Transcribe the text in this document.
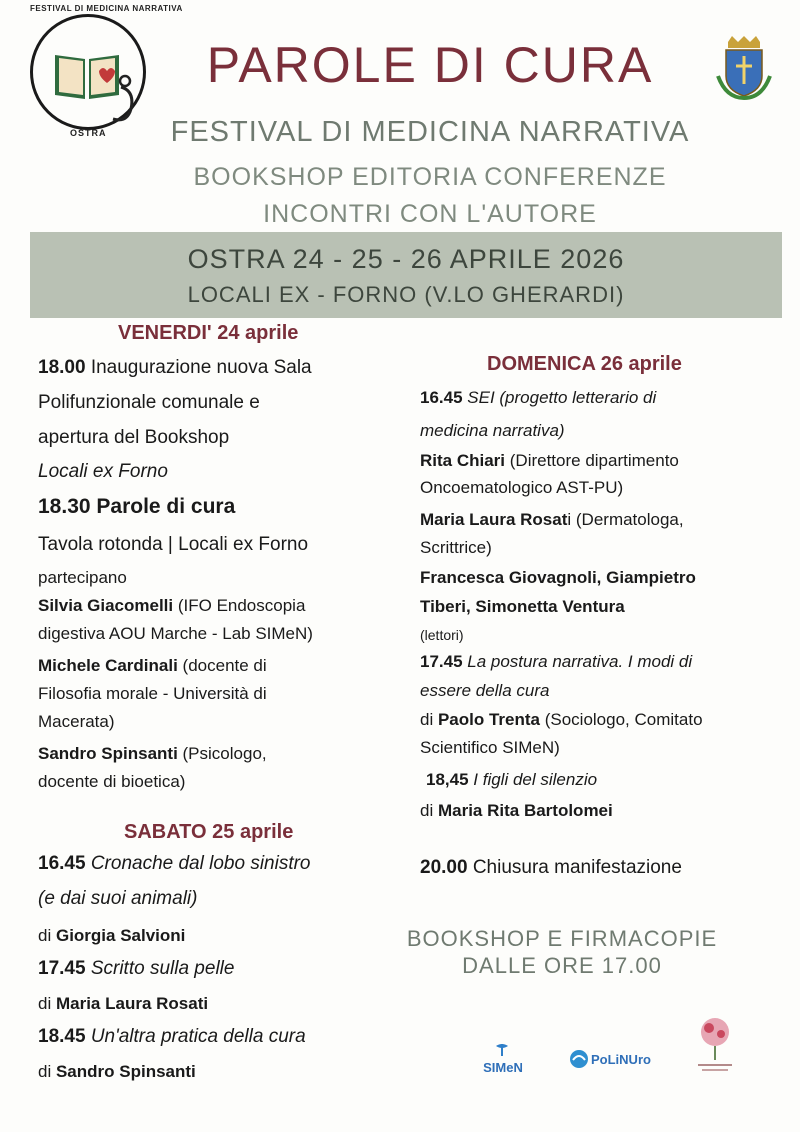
FESTIVAL DI MEDICINA NARRATIVA
OSTRA
PAROLE DI CURA
FESTIVAL DI MEDICINA NARRATIVA
BOOKSHOP EDITORIA CONFERENZE
INCONTRI CON L'AUTORE
OSTRA 24 - 25 - 26 APRILE 2026
LOCALI EX - FORNO (V.LO GHERARDI)
VENERDI' 24 aprile
18.00 Inaugurazione nuova Sala
Polifunzionale comunale e
apertura del Bookshop
Locali ex Forno
18.30 Parole di cura
Tavola rotonda | Locali ex Forno
partecipano
Silvia Giacomelli (IFO Endoscopia
digestiva AOU Marche - Lab SIMeN)
Michele Cardinali (docente di
Filosofia morale - Università di
Macerata)
Sandro Spinsanti (Psicologo,
docente di bioetica)
SABATO 25 aprile
16.45 Cronache dal lobo sinistro
(e dai suoi animali)
di Giorgia Salvioni
17.45 Scritto sulla pelle
di Maria Laura Rosati
18.45 Un'altra pratica della cura
di Sandro Spinsanti
DOMENICA 26 aprile
16.45 SEI (progetto letterario di
medicina narrativa)
Rita Chiari (Direttore dipartimento
Oncoematologico AST-PU)
Maria Laura Rosati (Dermatologa,
Scrittrice)
Francesca Giovagnoli, Giampietro
Tiberi, Simonetta Ventura
(lettori)
17.45 La postura narrativa. I modi di
essere della cura
di Paolo Trenta (Sociologo, Comitato
Scientifico SIMeN)
18,45 I figli del silenzio
di Maria Rita Bartolomei
20.00 Chiusura manifestazione
BOOKSHOP E FIRMACOPIE
DALLE ORE 17.00
SIMeN
PoLiNUro
